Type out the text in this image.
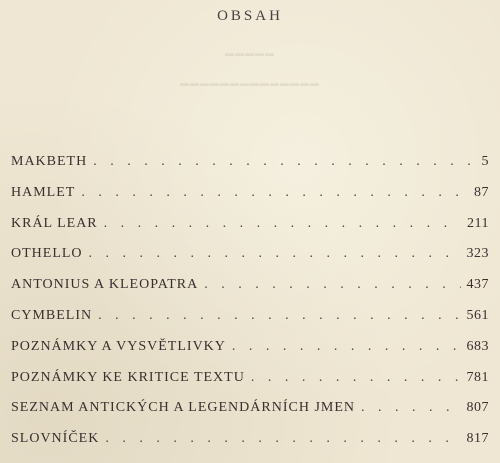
▬▬▬▬▬
▬▬▬▬▬▬▬▬▬▬▬▬▬▬
OBSAH
MAKBETH . . .	5
HAMLET . . .	87
KRÁL LEAR . . .	211
OTHELLO . . .	323
ANTONIUS A KLEOPATRA . . .	437
CYMBELIN . . .	561
POZNÁMKY A VYSVĚTLIVKY . . .	683
POZNÁMKY KE KRITICE TEXTU . . .	781
SEZNAM ANTICKÝCH A LEGENDÁRNÍCH JMEN . . .	807
SLOVNÍČEK . . .	817
